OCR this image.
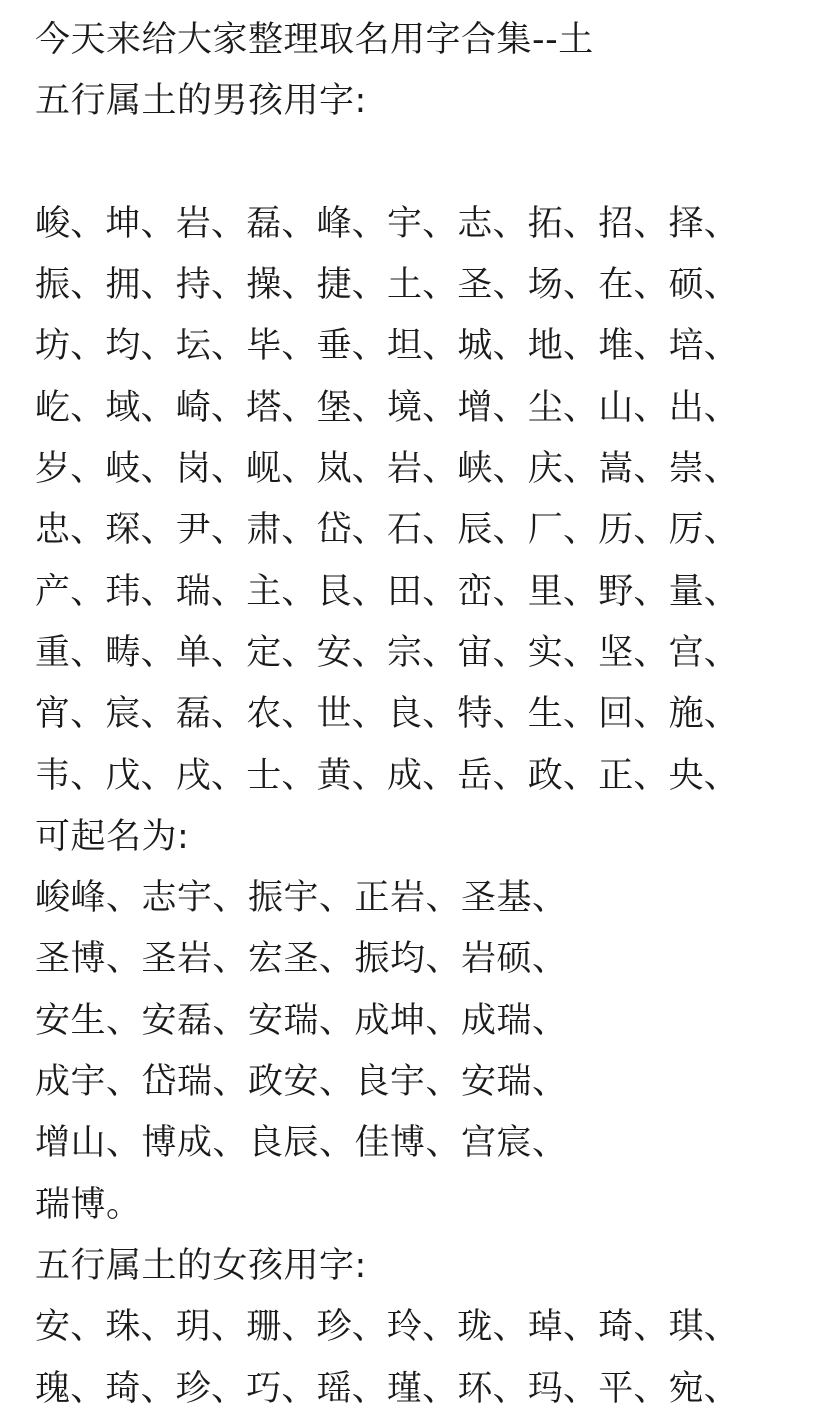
今天来给大家整理取名用字合集--土
五行属土的男孩用字:
峻、坤、岩、磊、峰、宇、志、拓、招、择、
振、拥、持、操、捷、土、圣、场、在、硕、
坊、均、坛、毕、垂、坦、城、地、堆、培、
屹、域、崎、塔、堡、境、增、尘、山、出、
岁、岐、岗、岘、岚、岩、峡、庆、嵩、崇、
忠、琛、尹、肃、岱、石、辰、厂、历、厉、
产、玮、瑞、主、艮、田、峦、里、野、量、
重、畴、单、定、安、宗、宙、实、坚、宫、
宵、宸、磊、农、世、良、特、生、回、施、
韦、戊、戌、士、黄、成、岳、政、正、央、
可起名为:
峻峰、志宇、振宇、正岩、圣基、
圣博、圣岩、宏圣、振均、岩硕、
安生、安磊、安瑞、成坤、成瑞、
成宇、岱瑞、政安、良宇、安瑞、
增山、博成、良辰、佳博、宫宸、
瑞博。
五行属土的女孩用字:
安、珠、玥、珊、珍、玲、珑、琸、琦、琪、
瑰、琦、珍、巧、瑶、瑾、环、玛、平、宛、
